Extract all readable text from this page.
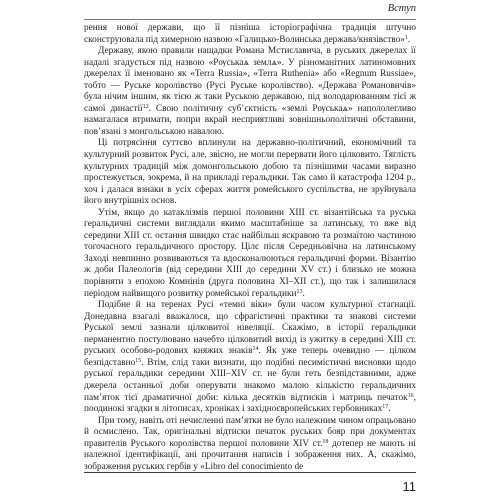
Вступ

рення нової держави, що її пізніша історіографічна традиція штучно сконструювала під химерною назвою «Галицько-Волинська держава/князівство»$^1$.

Державу, якою правили нащадки Романа Мстиславича, в руських джерелах її надалі згадується під назвою «Рѹськаѧ землѧ». У різноманітних латиномовних джерелах її іменовано як «Terra Russia», «Terra Ruthenia» або «Regnum Russiae», тобто — Руське королівство (Русі Руське королівство). «Держава Романовичів» була нічим іншим, як тією ж таки Руською державою, під володарюванням тієї ж самої династії$^{12}$. Свою політичну суб’єктність «землі Рѹськаѧ» напололегливо намагалася втримати, попри вкрай несприятливі зовнішньополітичні обставини, пов’язані з монгольською навалою.

Ці потрясіння суттєво вплинули на державно-політичний, економічний та культурний розвиток Русі, але, звісно, не могли перервати його цілковито. Тяглість культурних традицій між домонгольською добою та пізнішими часами виразно простежується, зокрема, й на прикладі геральдики. Так само й катастрофа 1204 р., хоч і далася взнаки в усіх сферах життя ромейського суспільства, не зруйнувала його внутрішніх основ.

Утім, якщо до катаклізмів першої половини XIII ст. візантійська та руська геральдичні системи виглядали якимо масштабніше за латинську, то вже від середини XIII ст. остання швидко стає найбільш яскравою та розмаїтою частиною тогочасного геральдичного простору. Цілє після Середньовічна на латинському Заході невпинно розвиваються та вдосконалюються геральдичні форми. Візантію ж доби Палеологів (від середини XIII до середини XV ст.) і близько не можна порівняти з епохою Комнінів (друга половина XI–XII ст.), що так і залишилася періодом найвищого розвитку ромейської геральдики$^{13}$.

Подібне й на теренах Русі «темні віки» були часом культурної стагнації. Донедавна взагалі вважалося, що сфрагістичні практики та знакові системи Руської землі зазнали цілковитої нівеляції. Скажімо, в історії геральдики перманентно постулювано начебто цілковитий вихід із ужитку в середині XIII ст. руських особово-родових княжих знаків$^{14}$. Як уже теперь очевидно — цілком безпідставно$^{15}$. Втім, слід таки визнати, що подібні песимістичні висновки щодо руської геральдики середини XIII–XIV ст. не були геть безпідставними, адже джерела останньої доби оперувати знакомо малою кількістю геральдичних пам’яток тієї драматичної доби: кілька десятків відтисків і матриць печаток$^{16}$, поодинокі згадки в літописах, хроніках і західноєвропейських гербовниках$^{17}$.

При тому, навіть оті нечисленні пам’ятки не було належним чином опрацьовано й осмислено. Так, оригінальні відтиски печаток руських бояр при документах правителів Руського королівства першої половини XIV ст.$^{18}$ дотепер не мають ні належної ідентифікації, ані прочитання написів і зображення них. А, скажімо, зображення руських гербів у «Libro del conocimiento de

11
